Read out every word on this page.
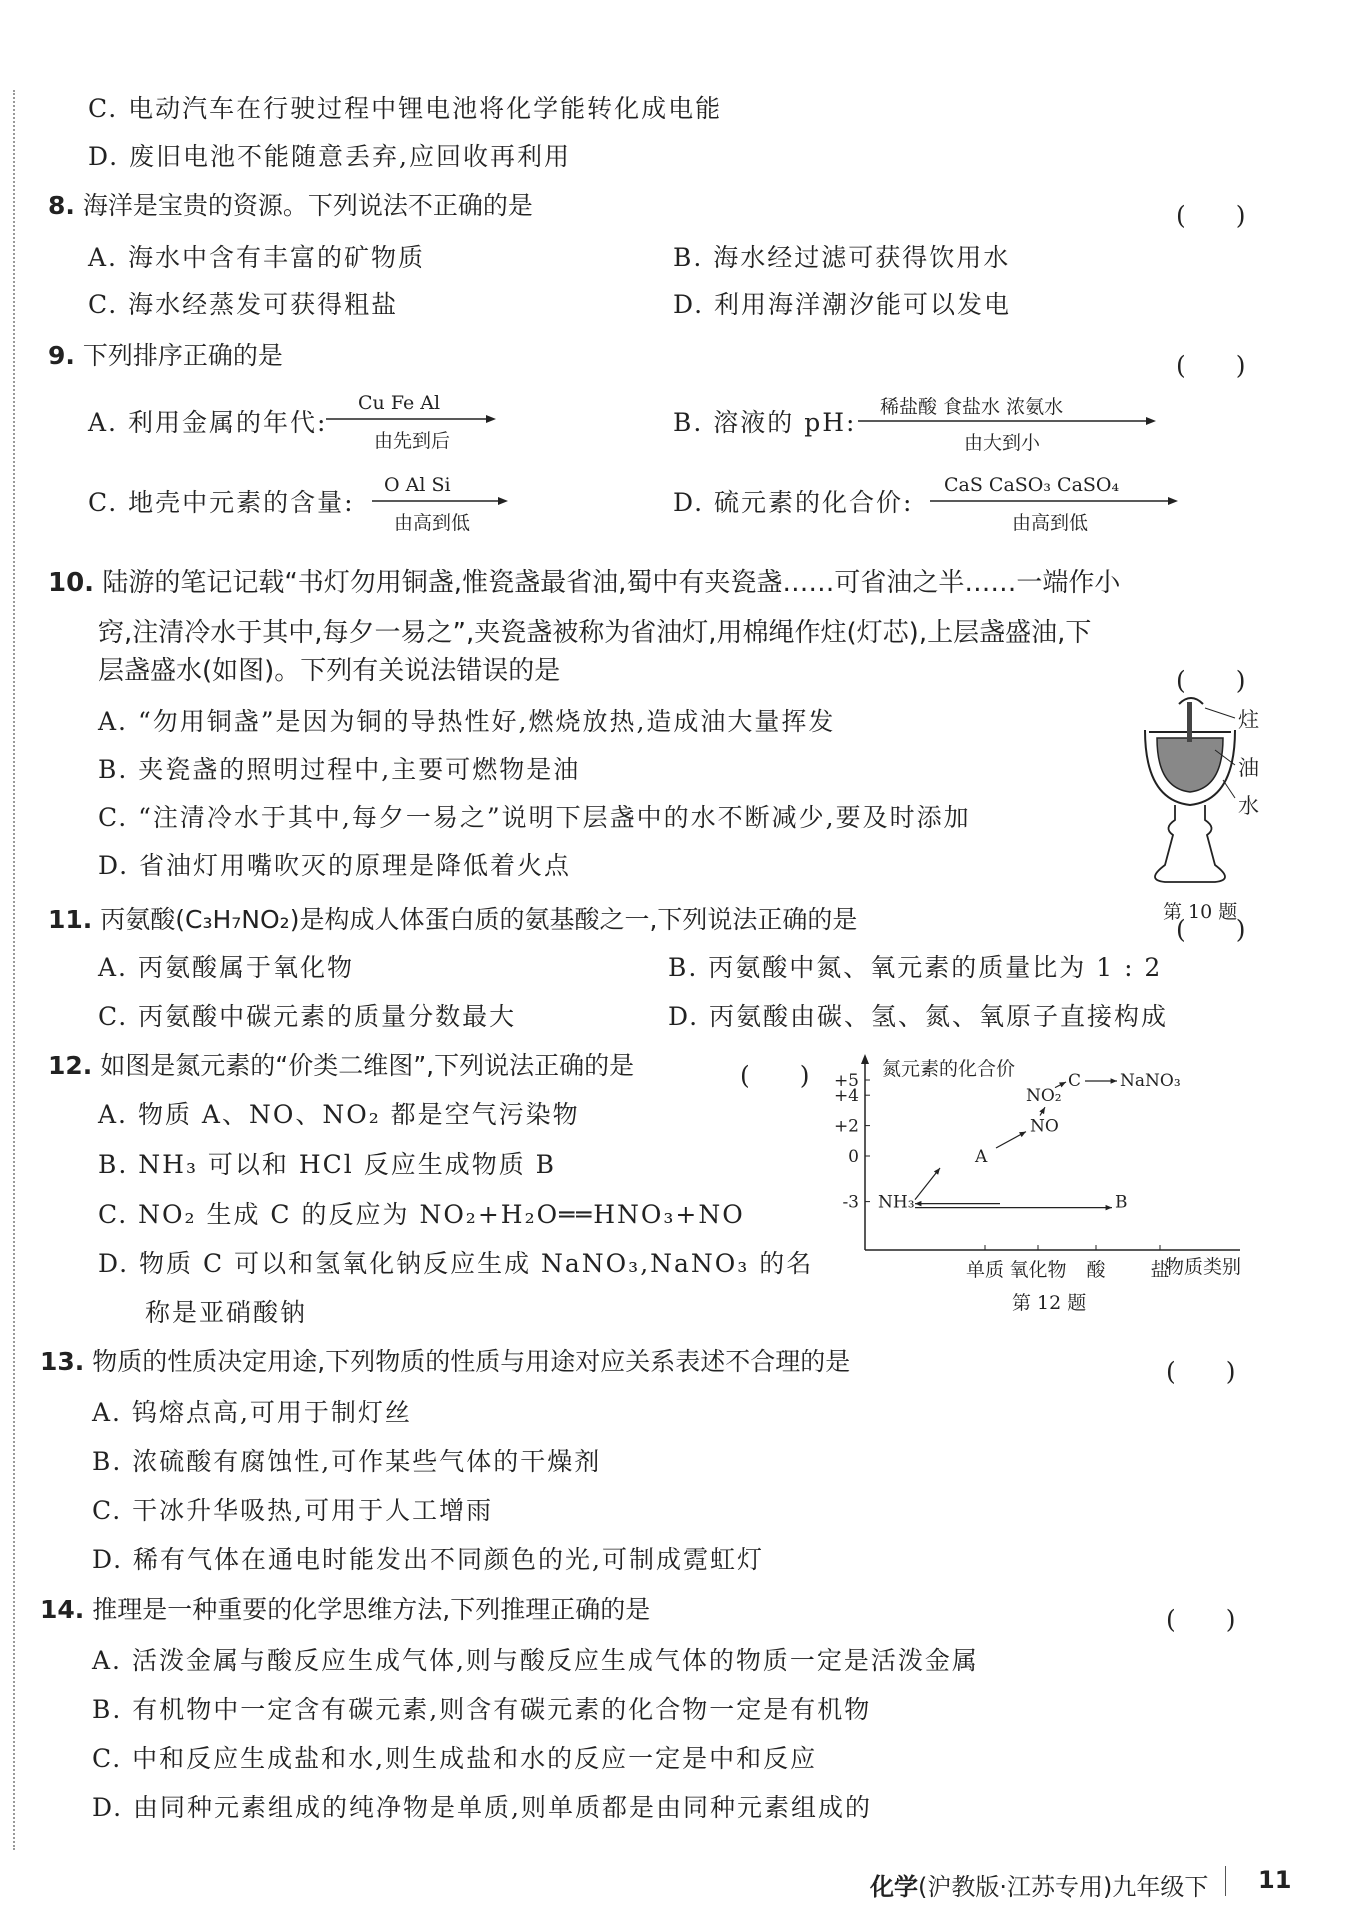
C. 电动汽车在行驶过程中锂电池将化学能转化成电能
D. 废旧电池不能随意丢弃,应回收再利用
8. 海洋是宝贵的资源。下列说法不正确的是	(　　)
A. 海水中含有丰富的矿物质	B. 海水经过滤可获得饮用水
C. 海水经蒸发可获得粗盐	D. 利用海洋潮汐能可以发电
9. 下列排序正确的是	(　　)
A. 利用金属的年代:
Cu Fe Al
由先到后
B. 溶液的 pH:
稀盐酸 食盐水 浓氨水
由大到小
C. 地壳中元素的含量:
O Al Si
由高到低
D. 硫元素的化合价:
CaS CaSO₃ CaSO₄
由高到低
10. 陆游的笔记记载“书灯勿用铜盏,惟瓷盏最省油,蜀中有夹瓷盏……可省油之半……一端作小
窍,注清冷水于其中,每夕一易之”,夹瓷盏被称为省油灯,用棉绳作炷(灯芯),上层盏盛油,下
层盏盛水(如图)。下列有关说法错误的是	(　　)
A. “勿用铜盏”是因为铜的导热性好,燃烧放热,造成油大量挥发
B. 夹瓷盏的照明过程中,主要可燃物是油
C. “注清冷水于其中,每夕一易之”说明下层盏中的水不断减少,要及时添加
D. 省油灯用嘴吹灭的原理是降低着火点
炷
油
水
第 10 题
11. 丙氨酸(C₃H₇NO₂)是构成人体蛋白质的氨基酸之一,下列说法正确的是	(　　)
A. 丙氨酸属于氧化物	B. 丙氨酸中氮、氧元素的质量比为 1 : 2
C. 丙氨酸中碳元素的质量分数最大	D. 丙氨酸由碳、氢、氮、氧原子直接构成
12. 如图是氮元素的“价类二维图”,下列说法正确的是	(　　)
A. 物质 A、NO、NO₂ 都是空气污染物
B. NH₃ 可以和 HCl 反应生成物质 B
C. NO₂ 生成 C 的反应为 NO₂+H₂O══HNO₃+NO
D. 物质 C 可以和氢氧化钠反应生成 NaNO₃,NaNO₃ 的名
称是亚硝酸钠
+5
+4
+2
0
-3
单质 氧化物 酸 盐
NH₃
A
NO
NO₂
C NaNO₃
B
氮元素的化合价
物质类别
第 12 题
13. 物质的性质决定用途,下列物质的性质与用途对应关系表述不合理的是	(　　)
A. 钨熔点高,可用于制灯丝
B. 浓硫酸有腐蚀性,可作某些气体的干燥剂
C. 干冰升华吸热,可用于人工增雨
D. 稀有气体在通电时能发出不同颜色的光,可制成霓虹灯
14. 推理是一种重要的化学思维方法,下列推理正确的是	(　　)
A. 活泼金属与酸反应生成气体,则与酸反应生成气体的物质一定是活泼金属
B. 有机物中一定含有碳元素,则含有碳元素的化合物一定是有机物
C. 中和反应生成盐和水,则生成盐和水的反应一定是中和反应
D. 由同种元素组成的纯净物是单质,则单质都是由同种元素组成的
化学(沪教版·江苏专用)九年级下 11
